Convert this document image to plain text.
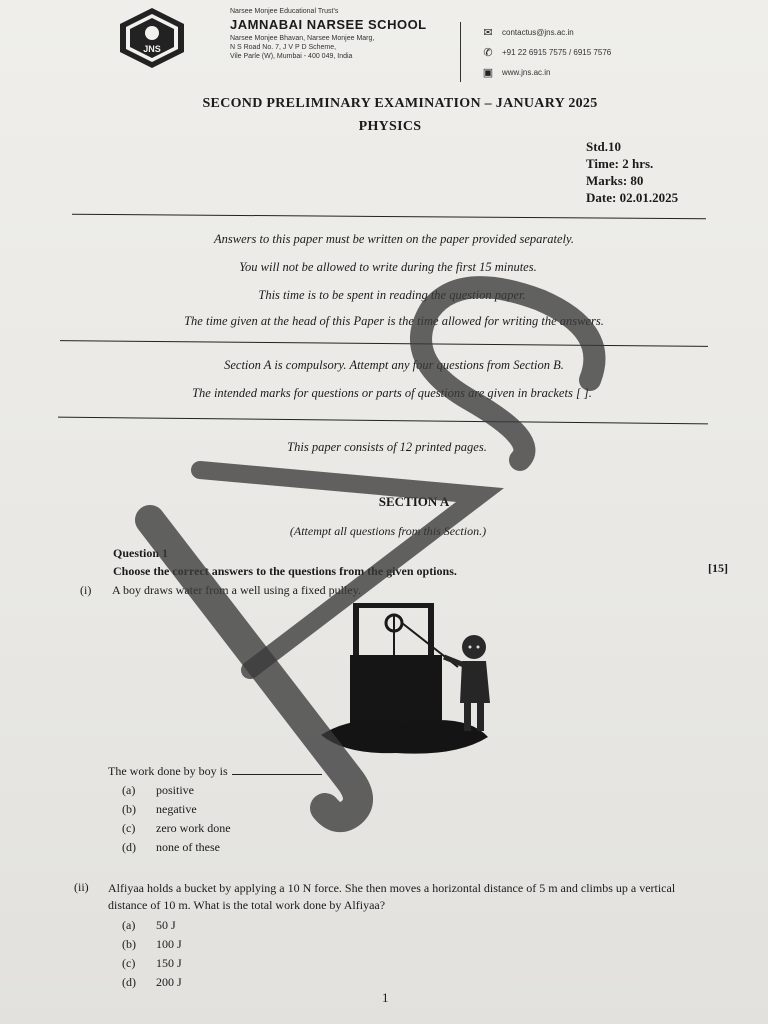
JNS
Narsee Monjee Educational Trust's
JAMNABAI NARSEE SCHOOL
Narsee Monjee Bhavan, Narsee Monjee Marg,
N S Road No. 7, J V P D Scheme,
Vile Parle (W), Mumbai - 400 049, India
✉ contactus@jns.ac.in
✆ +91 22 6915 7575 / 6915 7576
▣ www.jns.ac.in
SECOND PRELIMINARY EXAMINATION – JANUARY 2025
PHYSICS
Std.10
Time: 2 hrs.
Marks: 80
Date: 02.01.2025
Answers to this paper must be written on the paper provided separately.
You will not be allowed to write during the first 15 minutes.
This time is to be spent in reading the question paper.
The time given at the head of this Paper is the time allowed for writing the answers.
Section A is compulsory. Attempt any four questions from Section B.
The intended marks for questions or parts of questions are given in brackets [ ].
This paper consists of 12 printed pages.
SECTION A
(Attempt all questions from this Section.)
Question 1
Choose the correct answers to the questions from the given options.	[15]
(i) A boy draws water from a well using a fixed pulley.
The work done by boy is
(a) positive
(b) negative
(c) zero work done
(d) none of these
(ii) Alfiyaa holds a bucket by applying a 10 N force. She then moves a horizontal distance of 5 m and climbs up a vertical distance of 10 m. What is the total work done by Alfiyaa?
(a) 50 J
(b) 100 J
(c) 150 J
(d) 200 J
1
